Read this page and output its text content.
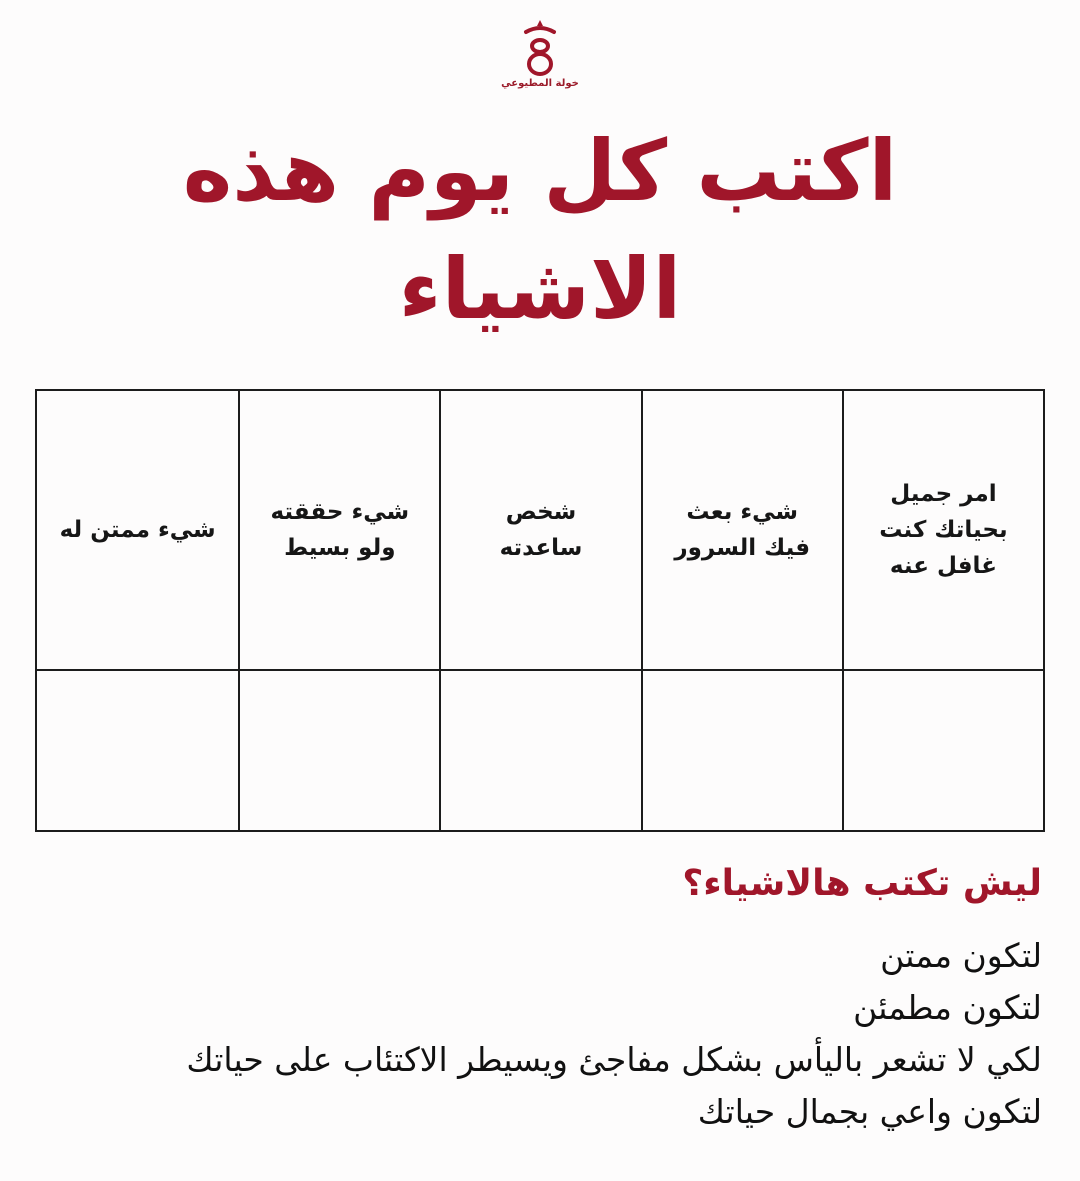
خولة المطيوعي
اكتب كل يوم هذه
الاشياء
امر جميل
بحياتك كنت
غافل عنه
شيء بعث
فيك السرور
شخص
ساعدته
شيء حققته
ولو بسيط
شيء ممتن له
ليش تكتب هالاشياء؟
لتكون ممتن
لتكون مطمئن
لكي لا تشعر باليأس بشكل مفاجئ ويسيطر الاكتئاب على حياتك
لتكون واعي بجمال حياتك
